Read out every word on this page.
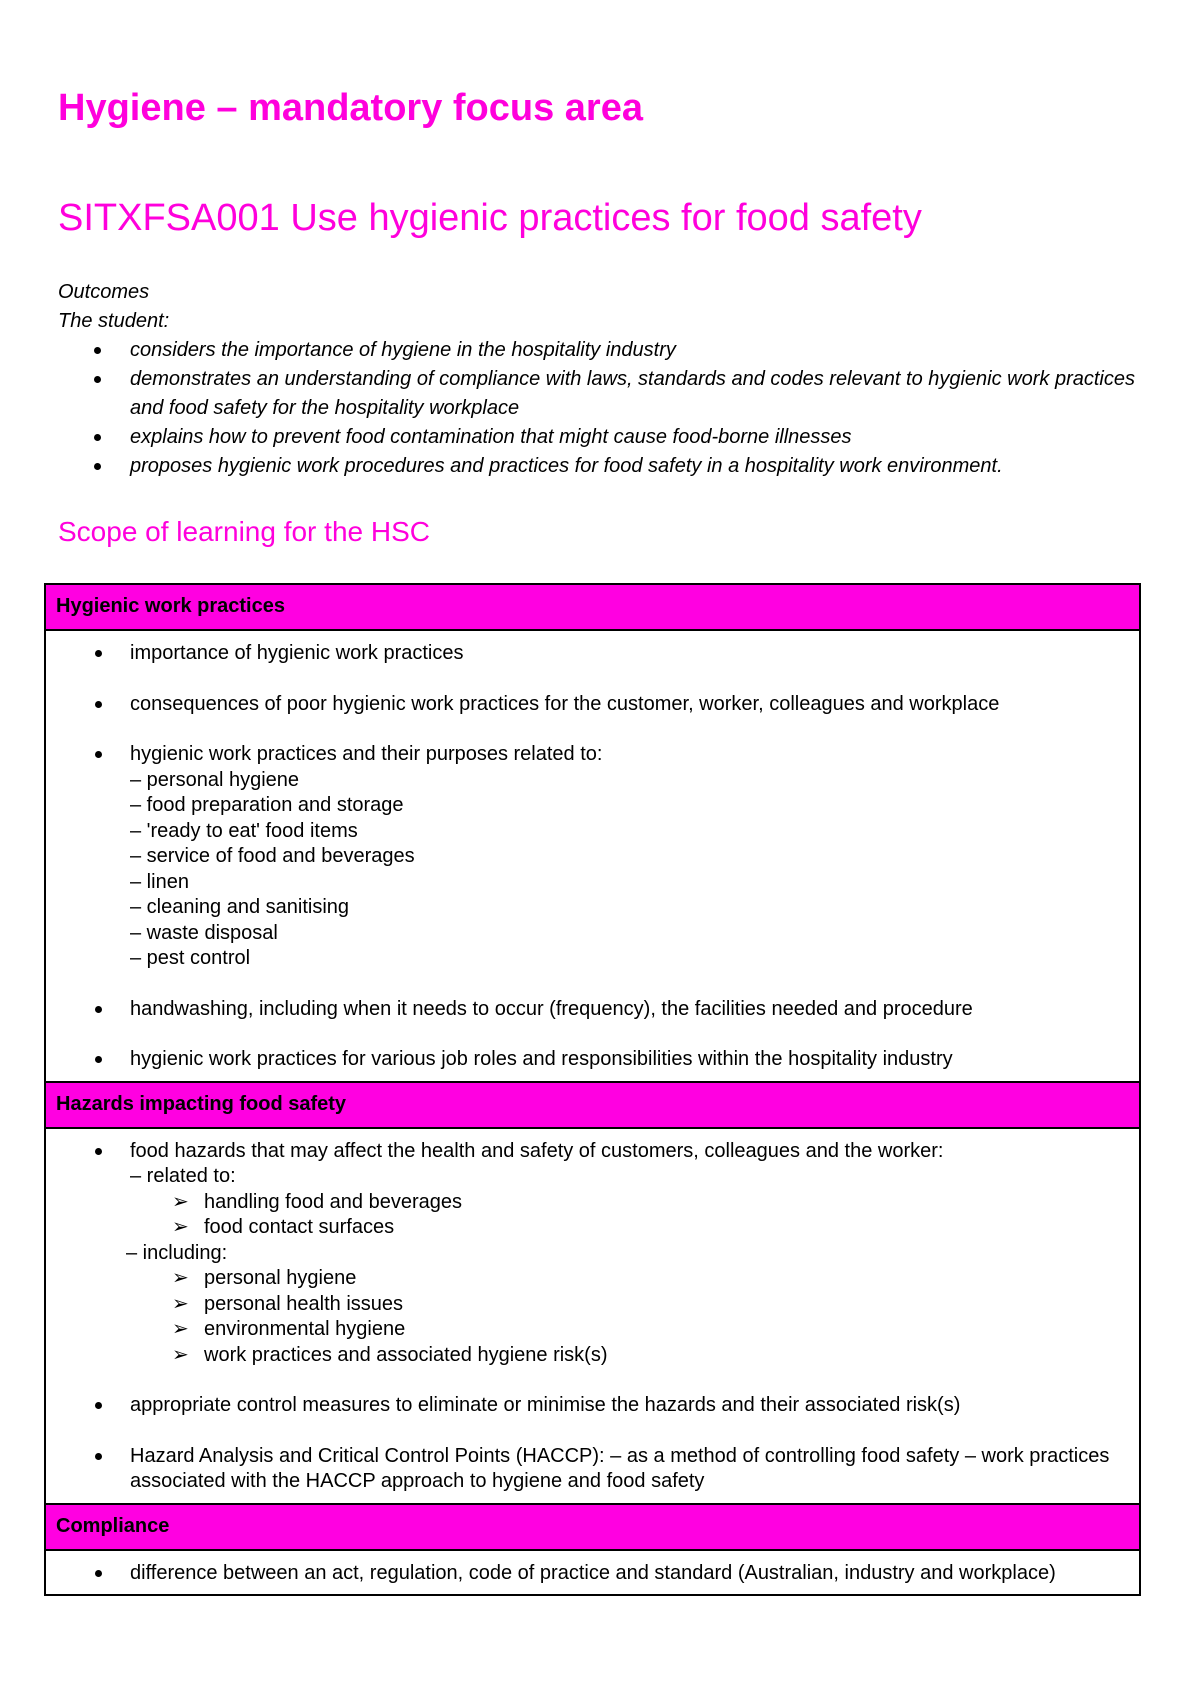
Hygiene – mandatory focus area
SITXFSA001 Use hygienic practices for food safety

Outcomes

The student:

considers the importance of hygiene in the hospitality industry
demonstrates an understanding of compliance with laws, standards and codes relevant to hygienic work practices and food safety for the hospitality workplace
explains how to prevent food contamination that might cause food-borne illnesses
proposes hygienic work procedures and practices for food safety in a hospitality work environment.
Scope of learning for the HSC
Hygienic work practices

importance of hygienic work practices
consequences of poor hygienic work practices for the customer, worker, colleagues and workplace
hygienic work practices and their purposes related to:

– personal hygiene

– food preparation and storage

– 'ready to eat' food items

– service of food and beverages

– linen

– cleaning and sanitising

– waste disposal

– pest control

handwashing, including when it needs to occur (frequency), the facilities needed and procedure
hygienic work practices for various job roles and responsibilities within the hospitality industry

Hazards impacting food safety

food hazards that may affect the health and safety of customers, colleagues and the worker:

– related to:

➢ handling food and beverages

➢ food contact surfaces

– including:

➢ personal hygiene

➢ personal health issues

➢ environmental hygiene

➢ work practices and associated hygiene risk(s)

appropriate control measures to eliminate or minimise the hazards and their associated risk(s)
Hazard Analysis and Critical Control Points (HACCP): – as a method of controlling food safety – work practices associated with the HACCP approach to hygiene and food safety

Compliance

difference between an act, regulation, code of practice and standard (Australian, industry and workplace)
